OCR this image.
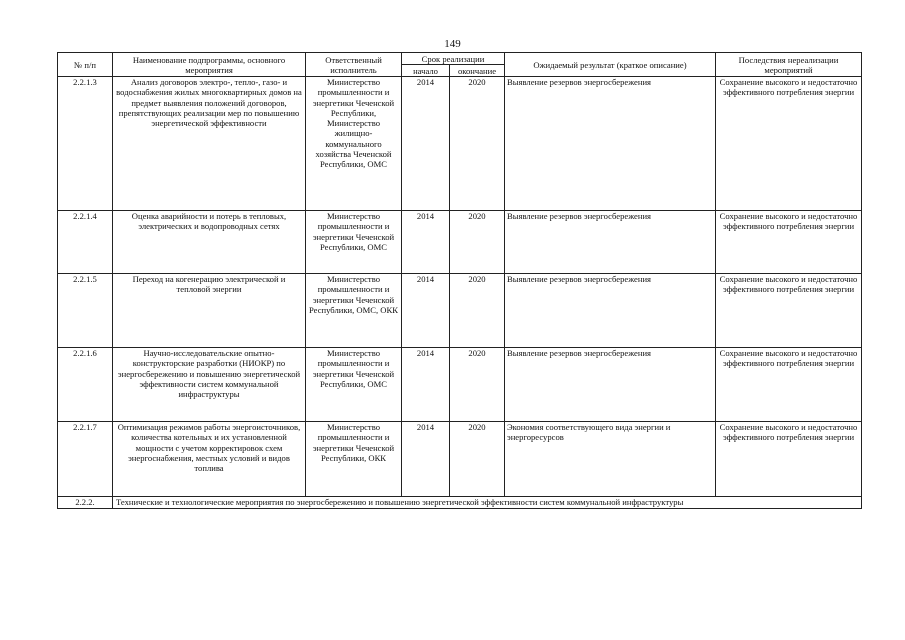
149
№ п/п	Наименование подпрограммы, основного мероприятия	Ответственный исполнитель	Срок реализации		Ожидаемый результат (краткое описание)	Последствия нереализации мероприятий
			начало	окончание		
2.2.1.3	Анализ договоров электро-, тепло-, газо- и водоснабжения жилых многоквартирных домов на предмет выявления положений договоров, препятствующих реализации мер по повышению энергетической эффективности	Министерство промышленности и энергетики Чеченской Республики, Министерство жилищно-коммунального хозяйства Чеченской Республики, ОМС	2014	2020	Выявление резервов энергосбережения	Сохранение высокого и недостаточно эффективного потребления энергии
2.2.1.4	Оценка аварийности и потерь в тепловых, электрических и водопроводных сетях	Министерство промышленности и энергетики Чеченской Республики, ОМС	2014	2020	Выявление резервов энергосбережения	Сохранение высокого и недостаточно эффективного потребления энергии
2.2.1.5	Переход на когенерацию электрической и тепловой энергии	Министерство промышленности и энергетики Чеченской Республики, ОМС, ОКК	2014	2020	Выявление резервов энергосбережения	Сохранение высокого и недостаточно эффективного потребления энергии
2.2.1.6	Научно-исследовательские опытно-конструкторские разработки (НИОКР) по энергосбережению и повышению энергетической эффективности систем коммунальной инфраструктуры	Министерство промышленности и энергетики Чеченской Республики, ОМС	2014	2020	Выявление резервов энергосбережения	Сохранение высокого и недостаточно эффективного потребления энергии
2.2.1.7	Оптимизация режимов работы энергоисточников, количества котельных и их установленной мощности с учетом корректировок схем энергоснабжения, местных условий и видов топлива	Министерство промышленности и энергетики Чеченской Республики, ОКК	2014	2020	Экономия соответствующего вида энергии и энергоресурсов	Сохранение высокого и недостаточно эффективного потребления энергии
2.2.2.	Технические и технологические мероприятия по энергосбережению и повышению энергетической эффективности систем коммунальной инфраструктуры					
